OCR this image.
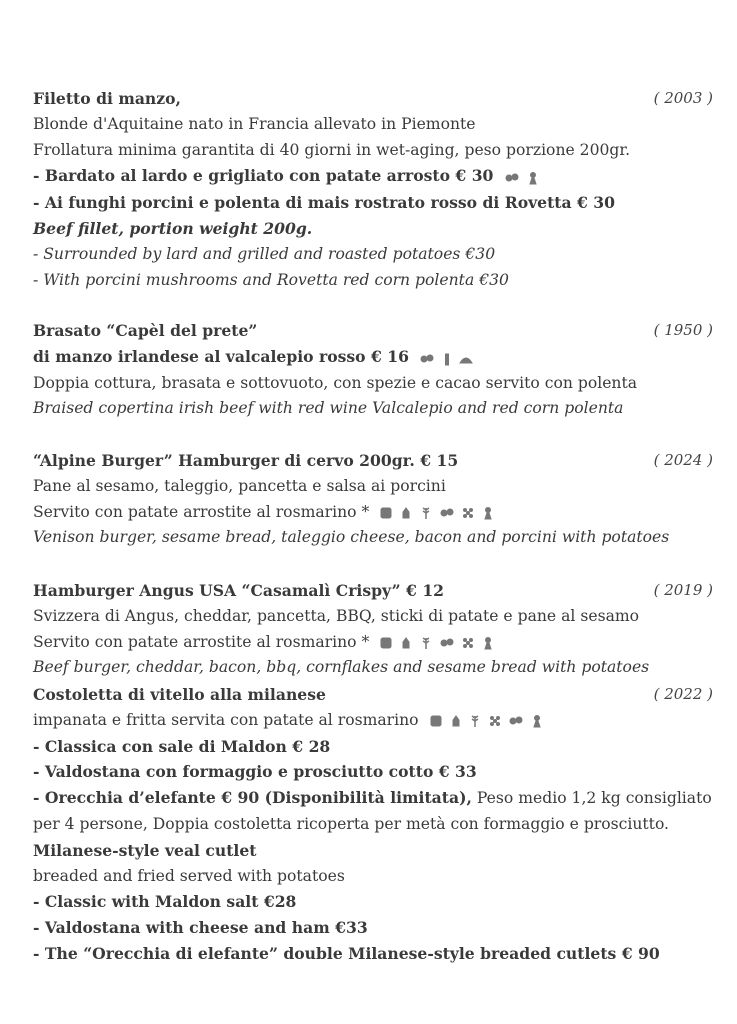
( 2003 )
Filetto di manzo,
Blonde d'Aquitaine nato in Francia allevato in Piemonte
Frollatura minima garantita di 40 giorni in wet-aging, peso porzione 200gr.
- Bardato al lardo e grigliato con patate arrosto € 30
- Ai funghi porcini e polenta di mais rostrato rosso di Rovetta € 30
Beef fillet, portion weight 200g.
- Surrounded by lard and grilled and roasted potatoes €30
- With porcini mushrooms and Rovetta red corn polenta €30
( 1950 )
Brasato “Capèl del prete”
di manzo irlandese al valcalepio rosso € 16
Doppia cottura, brasata e sottovuoto, con spezie e cacao servito con polenta
Braised copertina irish beef with red wine Valcalepio and red corn polenta
( 2024 )
“Alpine Burger” Hamburger di cervo 200gr. € 15
Pane al sesamo, taleggio, pancetta e salsa ai porcini
Servito con patate arrostite al rosmarino *
Venison burger, sesame bread, taleggio cheese, bacon and porcini with potatoes
( 2019 )
Hamburger Angus USA “Casamalì Crispy” € 12
Svizzera di Angus, cheddar, pancetta, BBQ, sticki di patate e pane al sesamo
Servito con patate arrostite al rosmarino *
Beef burger, cheddar, bacon, bbq, cornflakes and sesame bread with potatoes
( 2022 )
Costoletta di vitello alla milanese
impanata e fritta servita con patate al rosmarino
- Classica con sale di Maldon € 28
- Valdostana con formaggio e prosciutto cotto € 33
- Orecchia d’elefante € 90 (Disponibilità limitata), Peso medio 1,2 kg consigliato
per 4 persone, Doppia costoletta ricoperta per metà con formaggio e prosciutto.
Milanese-style veal cutlet
breaded and fried served with potatoes
- Classic with Maldon salt €28
- Valdostana with cheese and ham €33
- The “Orecchia di elefante” double Milanese-style breaded cutlets € 90
